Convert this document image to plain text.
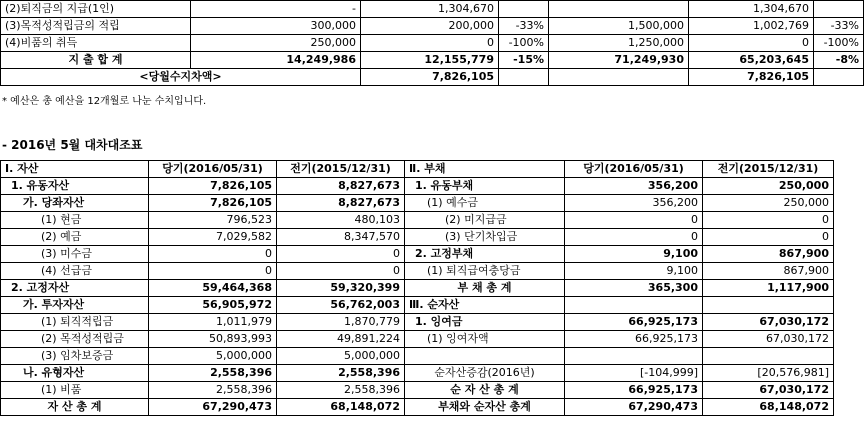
(2)퇴직금의 지급(1인)	-	1,304,670			1,304,670	
(3)목적성적립금의 적립	300,000	200,000	-33%	1,500,000	1,002,769	-33%
(4)비품의 취득	250,000	0	-100%	1,250,000	0	-100%
지 출 합 계	14,249,986	12,155,779	-15%	71,249,930	65,203,645	-8%
<당월수지차액>		7,826,105			7,826,105	
* 예산은 총 예산을 12개월로 나눈 수치입니다.
- 2016년 5월 대차대조표
Ⅰ. 자산	당기(2016/05/31)	전기(2015/12/31)	Ⅱ. 부채	당기(2016/05/31)	전기(2015/12/31)
1. 유동자산	7,826,105	8,827,673	1. 유동부채	356,200	250,000
가. 당좌자산	7,826,105	8,827,673	(1) 예수금	356,200	250,000
(1) 현금	796,523	480,103	(2) 미지급금	0	0
(2) 예금	7,029,582	8,347,570	(3) 단기차입금	0	0
(3) 미수금	0	0	2. 고정부채	9,100	867,900
(4) 선급금	0	0	(1) 퇴직급여충당금	9,100	867,900
2. 고정자산	59,464,368	59,320,399	부 채 총 계	365,300	1,117,900
가. 투자자산	56,905,972	56,762,003	Ⅲ. 순자산		
(1) 퇴직적립금	1,011,979	1,870,779	1. 잉여금	66,925,173	67,030,172
(2) 목적성적립금	50,893,993	49,891,224	(1) 잉여자액	66,925,173	67,030,172
(3) 임차보증금	5,000,000	5,000,000			
나. 유형자산	2,558,396	2,558,396	순자산증감(2016년)	[-104,999]	[20,576,981]
(1) 비품	2,558,396	2,558,396	순 자 산 총 계	66,925,173	67,030,172
자 산 총 계	67,290,473	68,148,072	부채와 순자산 총계	67,290,473	68,148,072
